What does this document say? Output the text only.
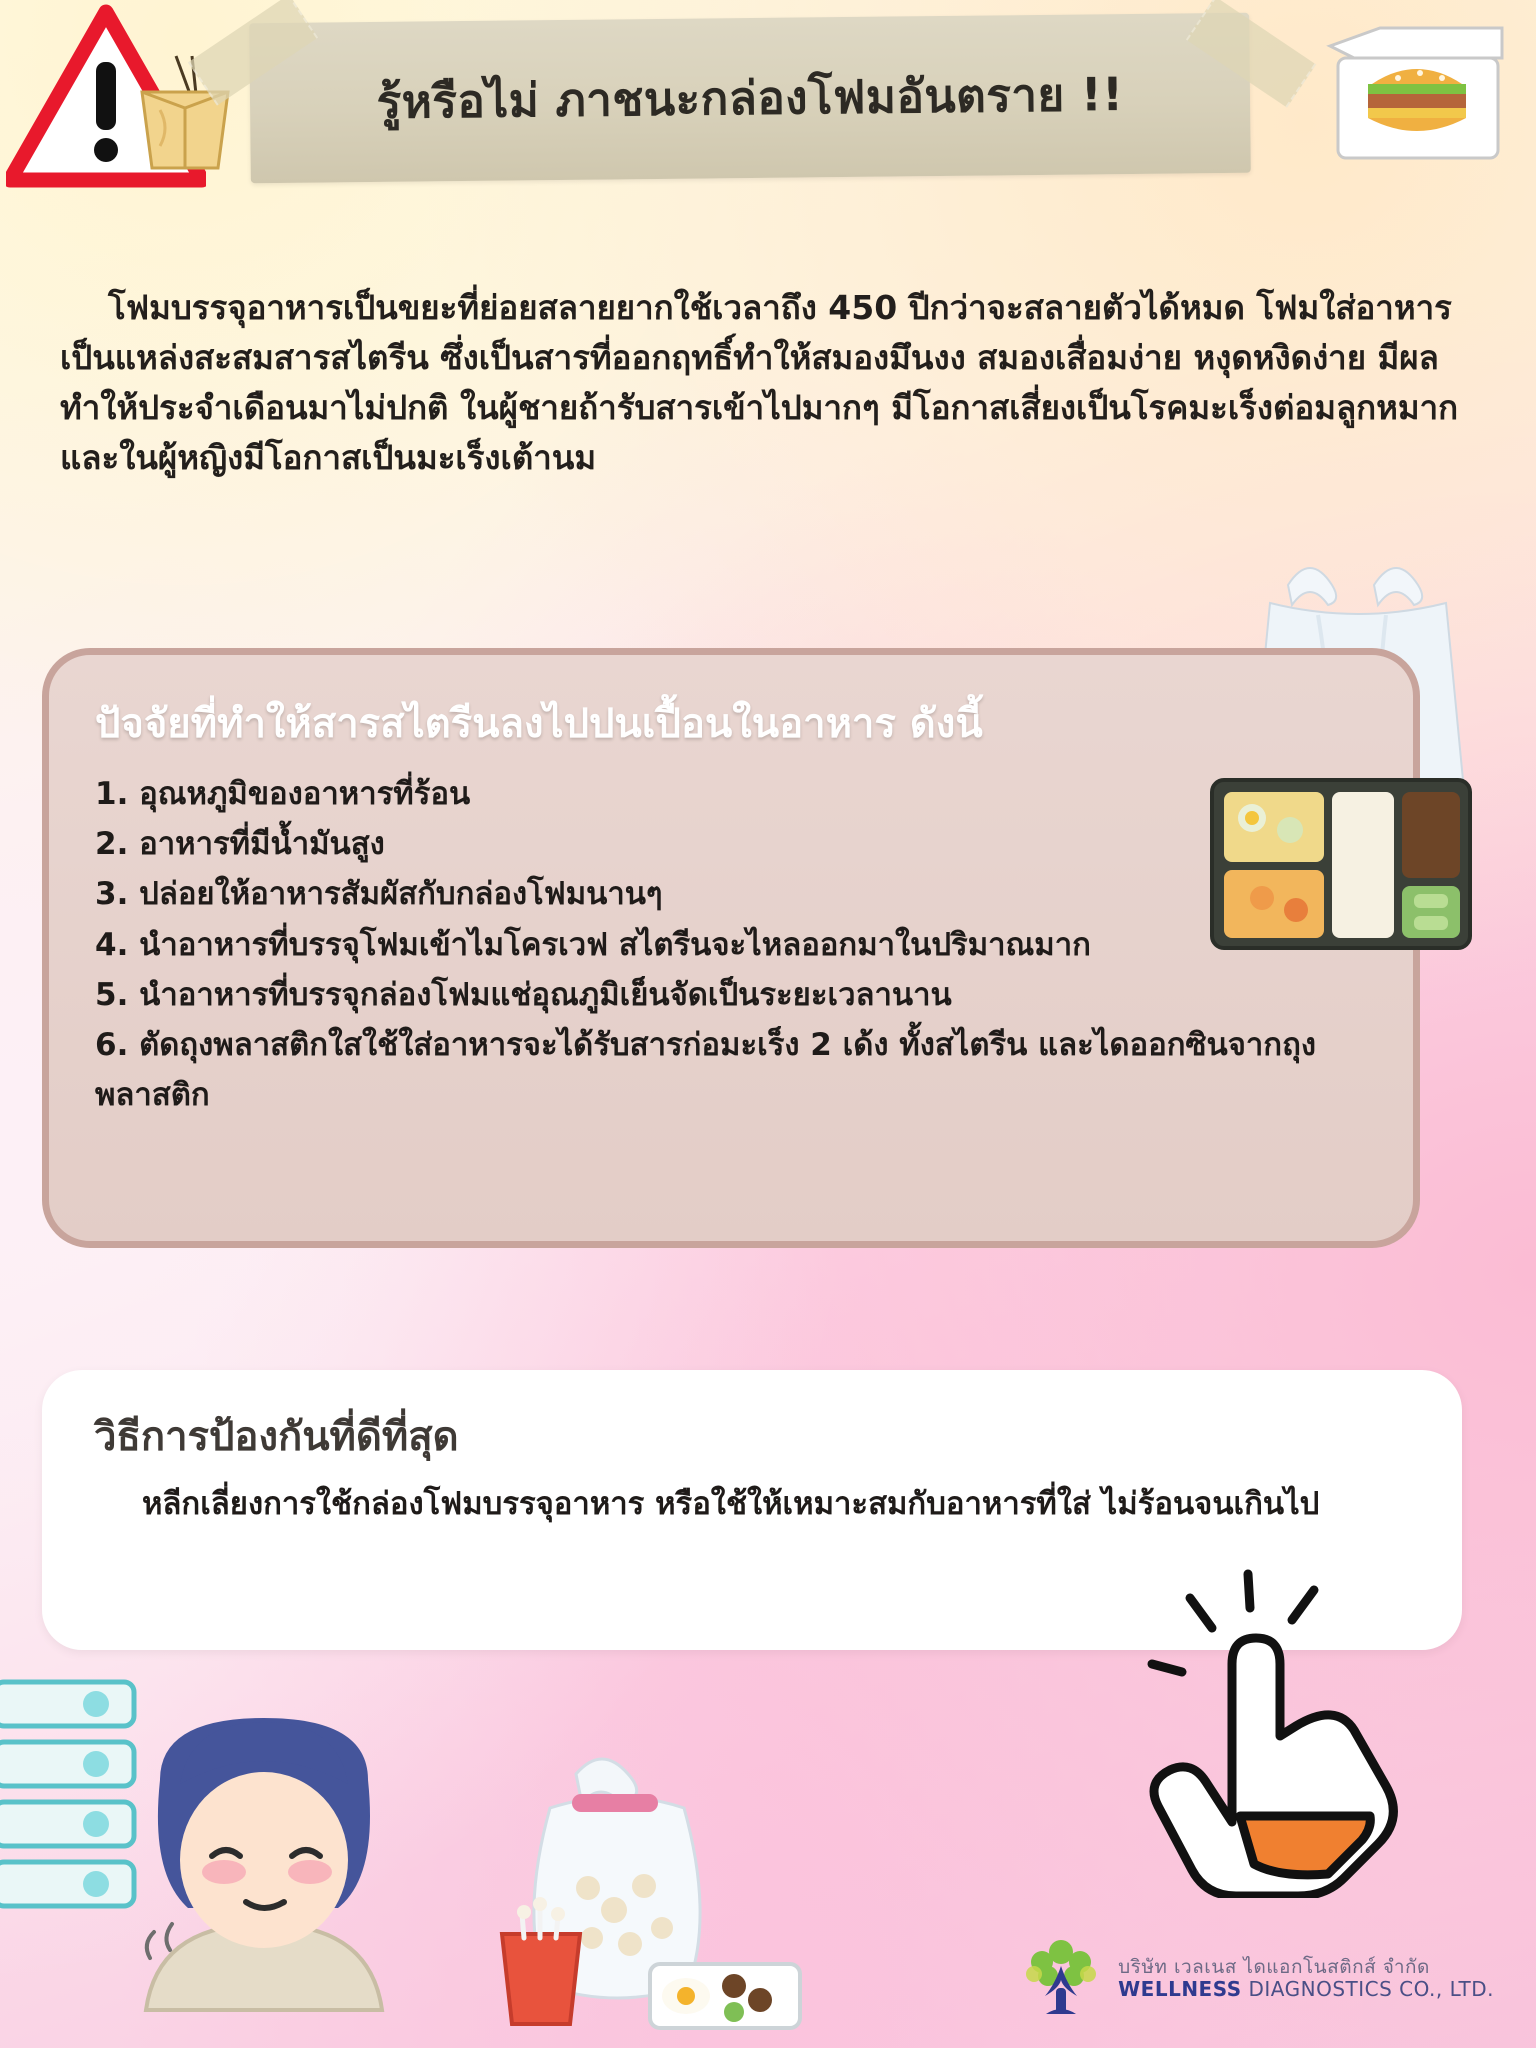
รู้หรือไม่ ภาชนะกล่องโฟมอันตราย !!

โฟมบรรจุอาหารเป็นขยะที่ย่อยสลายยากใช้เวลาถึง 450 ปีกว่าจะสลายตัวได้หมด โฟมใส่อาหารเป็นแหล่งสะสมสารสไตรีน ซึ่งเป็นสารที่ออกฤทธิ์ทำให้สมองมึนงง สมองเสื่อมง่าย หงุดหงิดง่าย มีผลทำให้ประจำเดือนมาไม่ปกติ ในผู้ชายถ้ารับสารเข้าไปมากๆ มีโอกาสเสี่ยงเป็นโรคมะเร็งต่อมลูกหมาก และในผู้หญิงมีโอกาสเป็นมะเร็งเต้านม

ปัจจัยที่ทำให้สารสไตรีนลงไปปนเปื้อนในอาหาร ดังนี้
1. อุณหภูมิของอาหารที่ร้อน
2. อาหารที่มีน้ำมันสูง
3. ปล่อยให้อาหารสัมผัสกับกล่องโฟมนานๆ
4. นำอาหารที่บรรจุโฟมเข้าไมโครเวฟ สไตรีนจะไหลออกมาในปริมาณมาก
5. นำอาหารที่บรรจุกล่องโฟมแช่อุณภูมิเย็นจัดเป็นระยะเวลานาน
6. ตัดถุงพลาสติกใสใช้ใส่อาหารจะได้รับสารก่อมะเร็ง 2 เด้ง ทั้งสไตรีน และไดออกซินจากถุงพลาสติก
วิธีการป้องกันที่ดีที่สุด
หลีกเลี่ยงการใช้กล่องโฟมบรรจุอาหาร หรือใช้ให้เหมาะสมกับอาหารที่ใส่ ไม่ร้อนจนเกินไป
บริษัท เวลเนส ไดแอกโนสติกส์ จำกัด
WELLNESS DIAGNOSTICS CO., LTD.
